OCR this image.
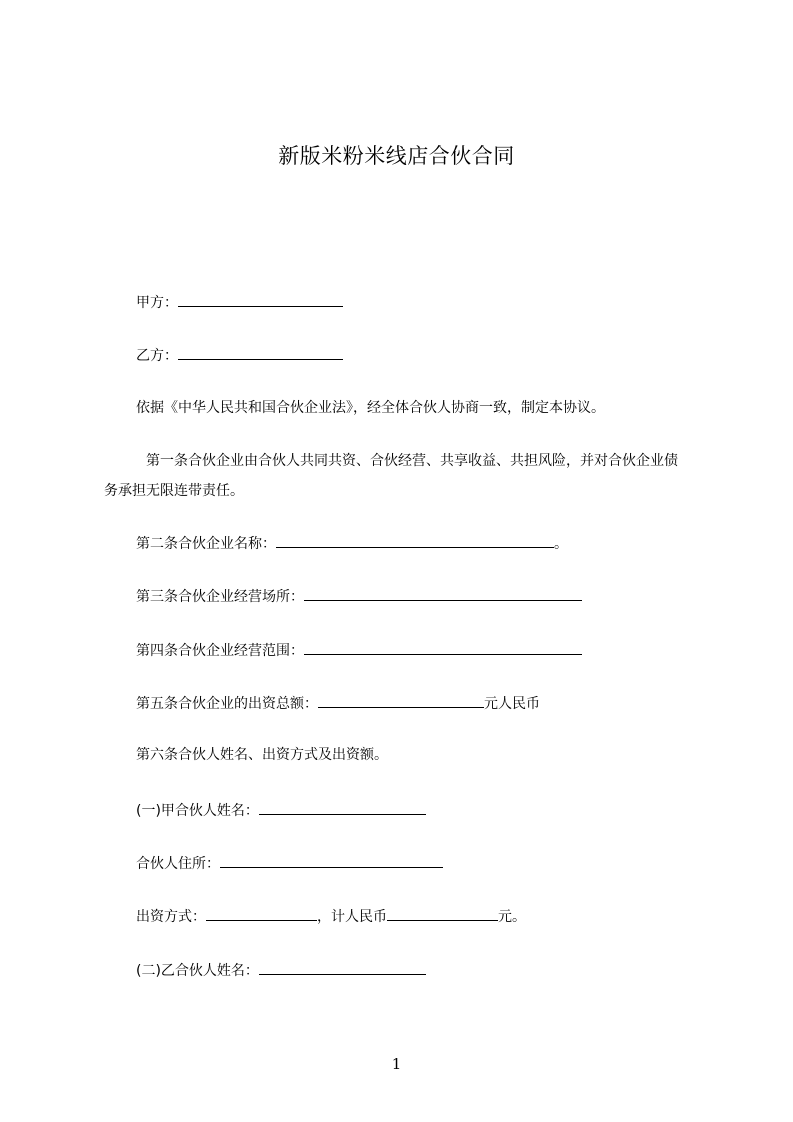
新版米粉米线店合伙合同
甲方：
乙方：
依据《中华人民共和国合伙企业法》，经全体合伙人协商一致，制定本协议。
　第一条合伙企业由合伙人共同共资、合伙经营、共享收益、共担风险，并对合伙企业债务承担无限连带责任。
第二条合伙企业名称：	。
第三条合伙企业经营场所：
第四条合伙企业经营范围：
第五条合伙企业的出资总额：	元人民币
第六条合伙人姓名、出资方式及出资额。
(一)甲合伙人姓名：
合伙人住所：
出资方式：	，计人民币	元。
(二)乙合伙人姓名：
1
